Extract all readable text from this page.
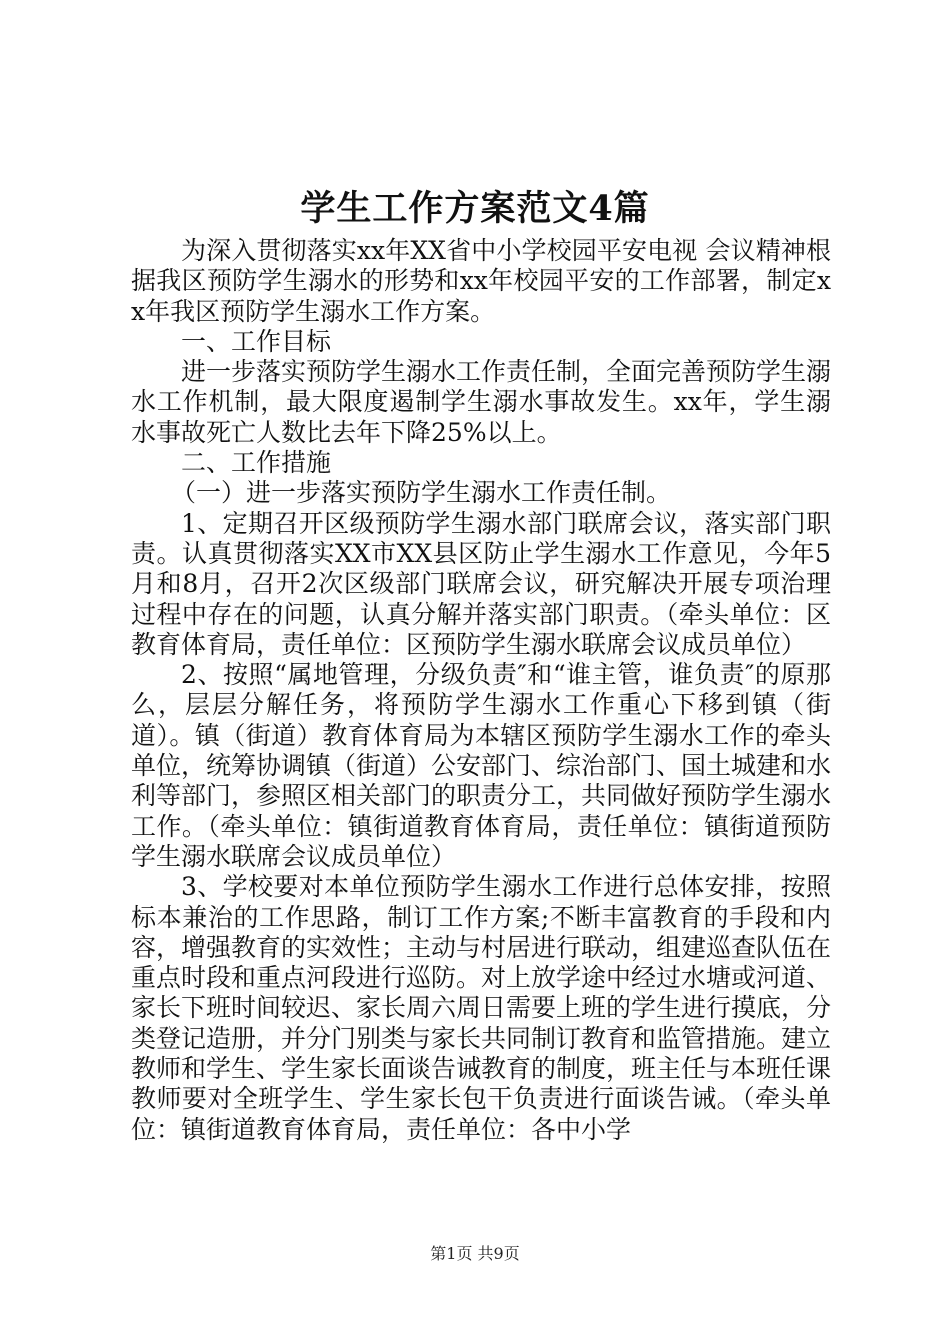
学生工作方案范文4篇

为深入贯彻落实xx年XX省中小学校园平安电视 会议精神根据我区预防学生溺水的形势和xx年校园平安的工作部署，制定xx年我区预防学生溺水工作方案。

一、工作目标

进一步落实预防学生溺水工作责任制，全面完善预防学生溺水工作机制，最大限度遏制学生溺水事故发生。xx年，学生溺水事故死亡人数比去年下降25%以上。

二、工作措施

（一）进一步落实预防学生溺水工作责任制。

1、定期召开区级预防学生溺水部门联席会议，落实部门职责。认真贯彻落实XX市XX县区防止学生溺水工作意见，今年5月和8月，召开2次区级部门联席会议，研究解决开展专项治理过程中存在的问题，认真分解并落实部门职责。（牵头单位：区教育体育局，责任单位：区预防学生溺水联席会议成员单位）

2、按照“属地管理，分级负责″和“谁主管，谁负责″的原那么，层层分解任务，将预防学生溺水工作重心下移到镇（街道）。镇（街道）教育体育局为本辖区预防学生溺水工作的牵头单位，统筹协调镇（街道）公安部门、综治部门、国土城建和水利等部门，参照区相关部门的职责分工，共同做好预防学生溺水工作。（牵头单位：镇街道教育体育局，责任单位：镇街道预防学生溺水联席会议成员单位）

3、学校要对本单位预防学生溺水工作进行总体安排，按照标本兼治的工作思路，制订工作方案;不断丰富教育的手段和内容，增强教育的实效性；主动与村居进行联动，组建巡查队伍在重点时段和重点河段进行巡防。对上放学途中经过水塘或河道、家长下班时间较迟、家长周六周日需要上班的学生进行摸底，分类登记造册，并分门别类与家长共同制订教育和监管措施。建立教师和学生、学生家长面谈告诫教育的制度，班主任与本班任课教师要对全班学生、学生家长包干负责进行面谈告诫。（牵头单位：镇街道教育体育局，责任单位：各中小学

第1页 共9页
